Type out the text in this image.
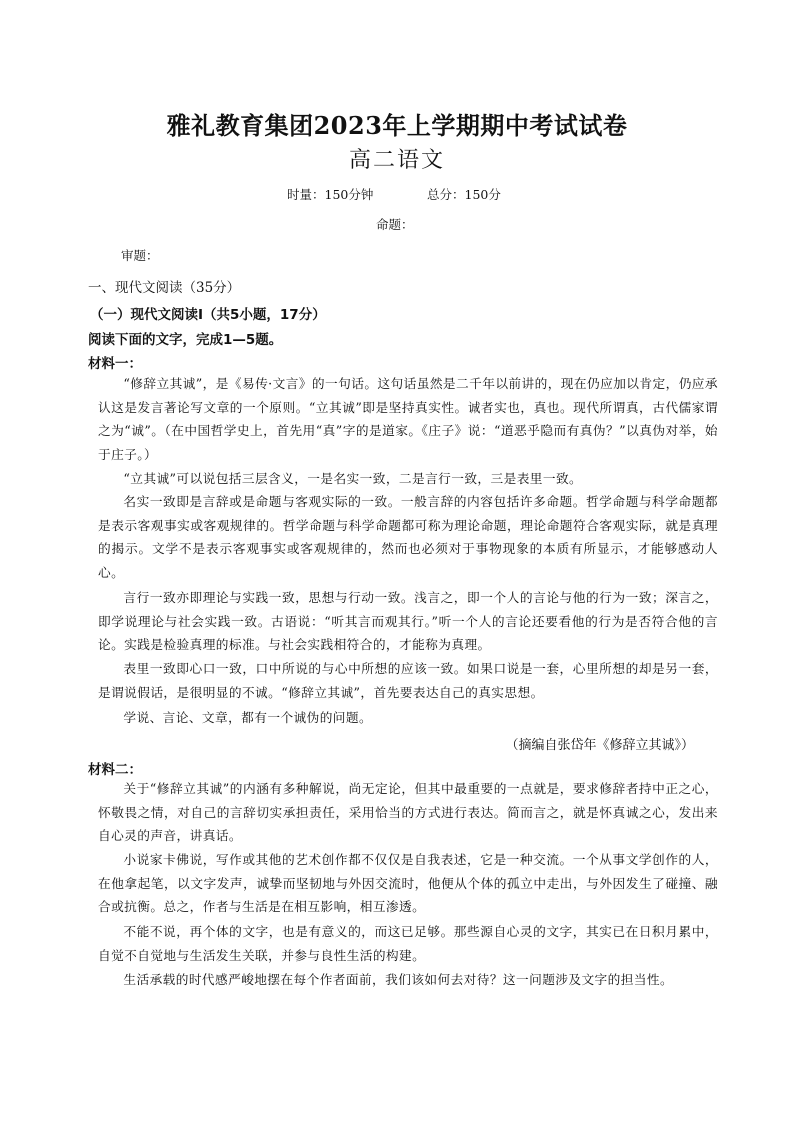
雅礼教育集团2023年上学期期中考试试卷
高二语文
时量：150分钟	总分：150分
命题：
审题：
一、现代文阅读（35分）
（一）现代文阅读Ⅰ（共5小题，17分）
阅读下面的文字，完成1—5题。
材料一：
“修辞立其诚”，是《易传·文言》的一句话。这句话虽然是二千年以前讲的，现在仍应加以肯定，仍应承认这是发言著论写文章的一个原则。“立其诚”即是坚持真实性。诚者实也，真也。现代所谓真，古代儒家谓之为“诚”。（在中国哲学史上，首先用“真”字的是道家。《庄子》说：“道恶乎隐而有真伪？”以真伪对举，始于庄子。）
“立其诚”可以说包括三层含义，一是名实一致，二是言行一致，三是表里一致。
名实一致即是言辞或是命题与客观实际的一致。一般言辞的内容包括许多命题。哲学命题与科学命题都是表示客观事实或客观规律的。哲学命题与科学命题都可称为理论命题，理论命题符合客观实际，就是真理的揭示。文学不是表示客观事实或客观规律的，然而也必须对于事物现象的本质有所显示，才能够感动人心。
言行一致亦即理论与实践一致，思想与行动一致。浅言之，即一个人的言论与他的行为一致；深言之，即学说理论与社会实践一致。古语说：“听其言而观其行。”听一个人的言论还要看他的行为是否符合他的言论。实践是检验真理的标准。与社会实践相符合的，才能称为真理。
表里一致即心口一致，口中所说的与心中所想的应该一致。如果口说是一套，心里所想的却是另一套，是谓说假话，是很明显的不诚。“修辞立其诚”，首先要表达自己的真实思想。
学说、言论、文章，都有一个诚伪的问题。
（摘编自张岱年《修辞立其诚》）
材料二：
关于“修辞立其诚”的内涵有多种解说，尚无定论，但其中最重要的一点就是，要求修辞者持中正之心，怀敬畏之情，对自己的言辞切实承担责任，采用恰当的方式进行表达。简而言之，就是怀真诚之心，发出来自心灵的声音，讲真话。
小说家卡佛说，写作或其他的艺术创作都不仅仅是自我表述，它是一种交流。一个从事文学创作的人，在他拿起笔，以文字发声，诚挚而坚韧地与外因交流时，他便从个体的孤立中走出，与外因发生了碰撞、融合或抗衡。总之，作者与生活是在相互影响，相互渗透。
不能不说，再个体的文字，也是有意义的，而这已足够。那些源自心灵的文字，其实已在日积月累中，自觉不自觉地与生活发生关联，并参与良性生活的构建。
生活承载的时代感严峻地摆在每个作者面前，我们该如何去对待？这一问题涉及文字的担当性。
